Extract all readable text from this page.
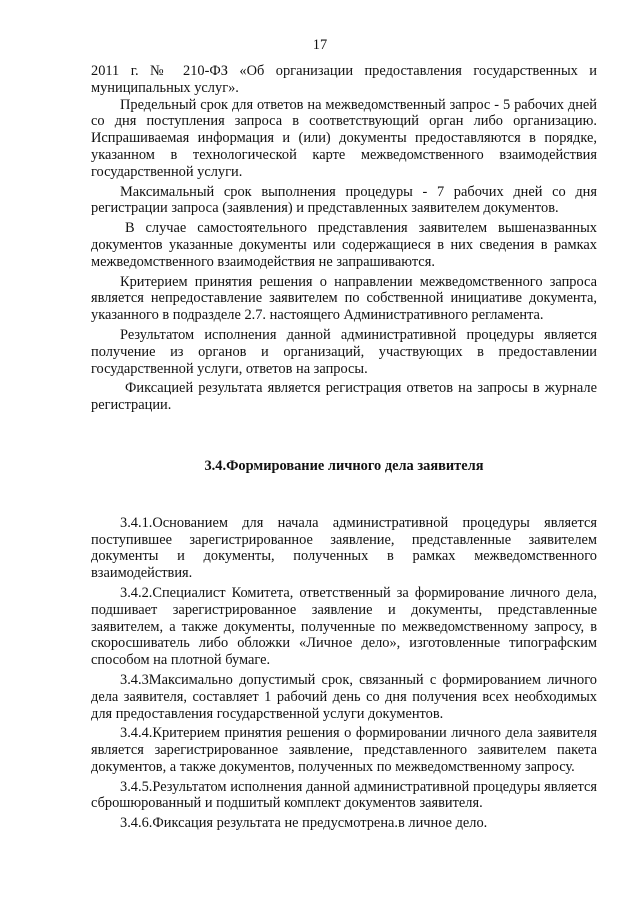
17

2011 г. № 210-ФЗ «Об организации предоставления государственных и муниципальных услуг».

Предельный срок для ответов на межведомственный запрос - 5 рабочих дней со дня поступления запроса в соответствующий орган либо организацию. Испрашиваемая информация и (или) документы предоставляются в порядке, указанном в технологической карте межведомственного взаимодействия государственной услуги.

Максимальный срок выполнения процедуры - 7 рабочих дней со дня регистрации запроса (заявления) и представленных заявителем документов.

В случае самостоятельного представления заявителем вышеназванных документов указанные документы или содержащиеся в них сведения в рамках межведомственного взаимодействия не запрашиваются.

Критерием принятия решения о направлении межведомственного запроса является непредоставление заявителем по собственной инициативе документа, указанного в подразделе 2.7. настоящего Административного регламента.

Результатом исполнения данной административной процедуры является получение из органов и организаций, участвующих в предоставлении государственной услуги, ответов на запросы.

Фиксацией результата является регистрация ответов на запросы в журнале регистрации.

3.4.Формирование личного дела заявителя

3.4.1.Основанием для начала административной процедуры является поступившее зарегистрированное заявление, представленные заявителем документы и документы, полученных в рамках межведомственного взаимодействия.

3.4.2.Специалист Комитета, ответственный за формирование личного дела, подшивает зарегистрированное заявление и документы, представленные заявителем, а также документы, полученные по межведомственному запросу, в скоросшиватель либо обложки «Личное дело», изготовленные типографским способом на плотной бумаге.

3.4.3Максимально допустимый срок, связанный с формированием личного дела заявителя, составляет 1 рабочий день со дня получения всех необходимых для предоставления государственной услуги документов.

3.4.4.Критерием принятия решения о формировании личного дела заявителя является зарегистрированное заявление, представленного заявителем пакета документов, а также документов, полученных по межведомственному запросу.

3.4.5.Результатом исполнения данной административной процедуры является сброшюрованный и подшитый комплект документов заявителя.

3.4.6.Фиксация результата не предусмотрена.в личное дело.
